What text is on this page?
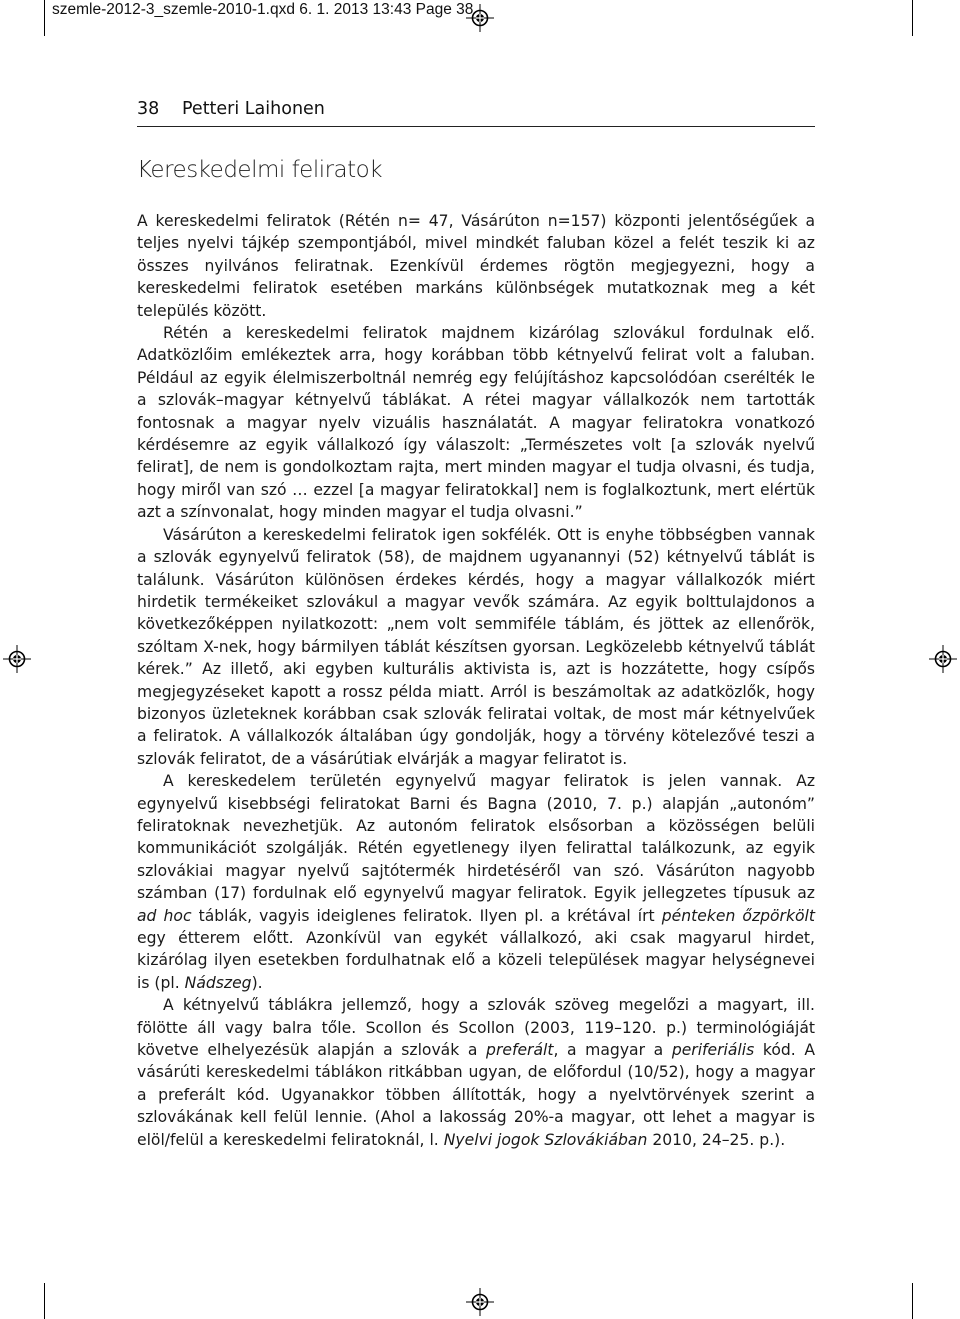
szemle-2012-3_szemle-2010-1.qxd 6. 1. 2013 13:43 Page 38
38 Petteri Laihonen
Kereskedelmi feliratok

A kereskedelmi feliratok (Rétén n= 47, Vásárúton n=157) központi jelentőségűek a teljes nyelvi tájkép szempontjából, mivel mindkét faluban közel a felét teszik ki az összes nyilvános feliratnak. Ezenkívül érdemes rögtön megjegyezni, hogy a kereskedelmi feliratok esetében markáns különbségek mutatkoznak meg a két település között.

Rétén a kereskedelmi feliratok majdnem kizárólag szlovákul fordulnak elő. Adatközlőim emlékeztek arra, hogy korábban több kétnyelvű felirat volt a faluban. Például az egyik élelmiszerboltnál nemrég egy felújításhoz kapcsolódóan cserélték le a szlovák–magyar kétnyelvű táblákat. A rétei magyar vállalkozók nem tartották fontosnak a magyar nyelv vizuális használatát. A magyar feliratokra vonatkozó kérdésemre az egyik vállalkozó így válaszolt: „Természetes volt [a szlovák nyelvű felirat], de nem is gondolkoztam rajta, mert minden magyar el tudja olvasni, és tudja, hogy miről van szó … ezzel [a magyar feliratokkal] nem is foglalkoztunk, mert elértük azt a színvonalat, hogy minden magyar el tudja olvasni.”

Vásárúton a kereskedelmi feliratok igen sokfélék. Ott is enyhe többségben vannak a szlovák egynyelvű feliratok (58), de majdnem ugyanannyi (52) kétnyelvű táblát is találunk. Vásárúton különösen érdekes kérdés, hogy a magyar vállalkozók miért hirdetik termékeiket szlovákul a magyar vevők számára. Az egyik bolttulajdonos a következőképpen nyilatkozott: „nem volt semmiféle táblám, és jöttek az ellenőrök, szóltam X-nek, hogy bármilyen táblát készítsen gyorsan. Legközelebb kétnyelvű táblát kérek.” Az illető, aki egyben kulturális aktivista is, azt is hozzátette, hogy csípős megjegyzéseket kapott a rossz példa miatt. Arról is beszámoltak az adatközlők, hogy bizonyos üzleteknek korábban csak szlovák feliratai voltak, de most már kétnyelvűek a feliratok. A vállalkozók általában úgy gondolják, hogy a törvény kötelezővé teszi a szlovák feliratot, de a vásárútiak elvárják a magyar feliratot is.

A kereskedelem területén egynyelvű magyar feliratok is jelen vannak. Az egynyelvű kisebbségi feliratokat Barni és Bagna (2010, 7. p.) alapján „autonóm” feliratoknak nevezhetjük. Az autonóm feliratok elsősorban a közösségen belüli kommunikációt szolgálják. Rétén egyetlenegy ilyen felirattal találkozunk, az egyik szlovákiai magyar nyelvű sajtótermék hirdetéséről van szó. Vásárúton nagyobb számban (17) fordulnak elő egynyelvű magyar feliratok. Egyik jellegzetes típusuk az ad hoc táblák, vagyis ideiglenes feliratok. Ilyen pl. a krétával írt pénteken őzpörkölt egy étterem előtt. Azonkívül van egykét vállalkozó, aki csak magyarul hirdet, kizárólag ilyen esetekben fordulhatnak elő a közeli települések magyar helységnevei is (pl. Nádszeg).

A kétnyelvű táblákra jellemző, hogy a szlovák szöveg megelőzi a magyart, ill. fölötte áll vagy balra tőle. Scollon és Scollon (2003, 119–120. p.) terminológiáját követve elhelyezésük alapján a szlovák a preferált, a magyar a periferiális kód. A vásárúti kereskedelmi táblákon ritkábban ugyan, de előfordul (10/52), hogy a magyar a preferált kód. Ugyanakkor többen állították, hogy a nyelvtörvények szerint a szlovákának kell felül lennie. (Ahol a lakosság 20%-a magyar, ott lehet a magyar is elöl/felül a kereskedelmi feliratoknál, l. Nyelvi jogok Szlovákiában 2010, 24–25. p.).
